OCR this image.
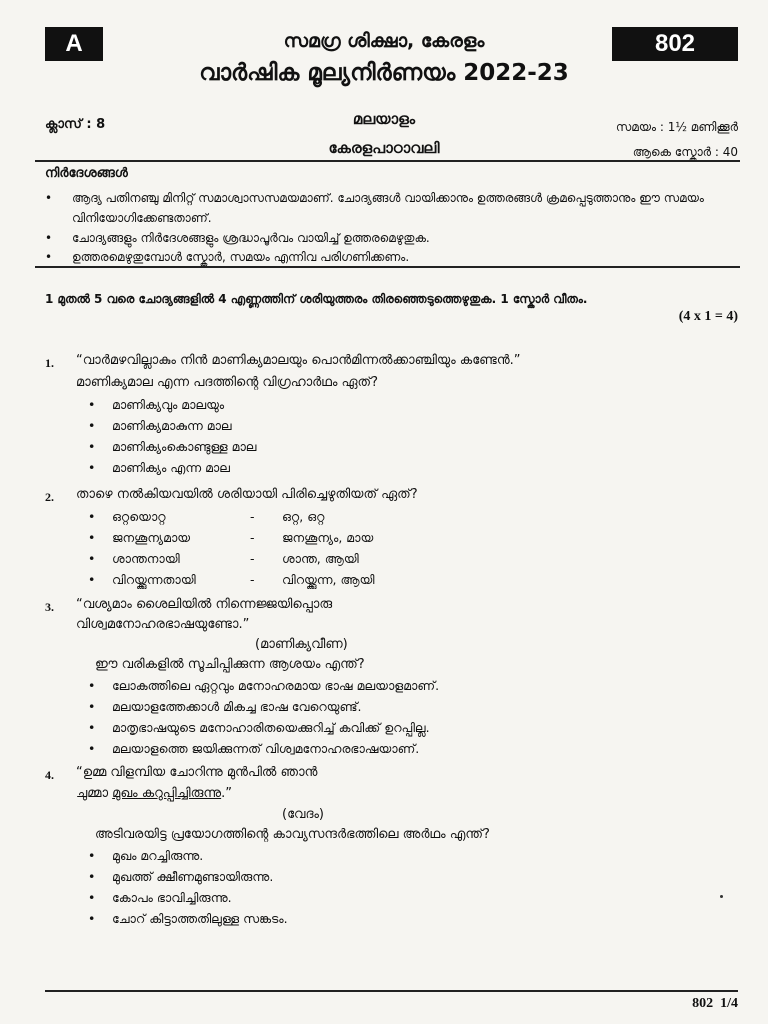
A	802
സമഗ്ര ശിക്ഷാ, കേരളം
വാർഷിക മൂല്യനിർണയം 2022-23
ക്ലാസ് : 8	മലയാളം
കേരളപാഠാവലി
സമയം : 1½ മണിക്കൂർ
ആകെ സ്കോർ : 40
നിർദേശങ്ങൾ
• ആദ്യ പതിനഞ്ചു മിനിറ്റ് സമാശ്വാസസമയമാണ്. ചോദ്യങ്ങൾ വായിക്കാനും ഉത്തരങ്ങൾ ക്രമപ്പെടുത്താനും ഈ സമയം വിനിയോഗിക്കേണ്ടതാണ്.
• ചോദ്യങ്ങളും നിർദേശങ്ങളും ശ്രദ്ധാപൂർവം വായിച്ച് ഉത്തരമെഴുതുക.
• ഉത്തരമെഴുതുമ്പോൾ സ്കോർ, സമയം എന്നിവ പരിഗണിക്കണം.
1 മുതൽ 5 വരെ ചോദ്യങ്ങളിൽ 4 എണ്ണത്തിന് ശരിയുത്തരം തിരഞ്ഞെടുത്തെഴുതുക. 1 സ്കോർ വീതം.
(4 x 1 = 4)
1. “വാർമഴവില്ലാകും നിൻ മാണിക്യമാലയും പൊൻമിന്നൽക്കാഞ്ചിയും കണ്ടേൻ.”
മാണിക്യമാല എന്ന പദത്തിന്റെ വിഗ്രഹാർഥം ഏത്?
• മാണിക്യവും മാലയും
• മാണിക്യമാകുന്ന മാല
• മാണിക്യംകൊണ്ടുള്ള മാല
• മാണിക്യം എന്ന മാല
2. താഴെ നൽകിയവയിൽ ശരിയായി പിരിച്ചെഴുതിയത് ഏത്?
• ഒറ്റയൊറ്റ	- ഒറ്റ, ഒറ്റ
• ജനശൂന്യമായ	- ജനശൂന്യം, മായ
• ശാന്തനായി	- ശാന്ത, ആയി
• വിറയ്ക്കുന്നതായി	- വിറയ്ക്കുന്ന, ആയി
3. “വശ്യമാം ശൈലിയിൽ നിന്നെജ്ജയിപ്പൊരു
വിശ്വമനോഹരഭാഷയുണ്ടോ.”
(മാണിക്യവീണ)
ഈ വരികളിൽ സൂചിപ്പിക്കുന്ന ആശയം എന്ത്?
• ലോകത്തിലെ ഏറ്റവും മനോഹരമായ ഭാഷ മലയാളമാണ്.
• മലയാളത്തേക്കാൾ മികച്ച ഭാഷ വേറെയുണ്ട്.
• മാതൃഭാഷയുടെ മനോഹാരിതയെക്കുറിച്ച് കവിക്ക് ഉറപ്പില്ല.
• മലയാളത്തെ ജയിക്കുന്നത് വിശ്വമനോഹരഭാഷയാണ്.
4. “ഉമ്മ വിളമ്പിയ ചോറിന്നു മുൻപിൽ ഞാൻ
ചുമ്മാ മുഖം കറുപ്പിച്ചിരുന്നു.”
(വേദം)
അടിവരയിട്ട പ്രയോഗത്തിന്റെ കാവ്യസന്ദർഭത്തിലെ അർഥം എന്ത്?
• മുഖം മറച്ചിരുന്നു.
• മുഖത്ത് ക്ഷീണമുണ്ടായിരുന്നു.
• കോപം ഭാവിച്ചിരുന്നു.
• ചോറ് കിട്ടാത്തതിലുള്ള സങ്കടം.
802 1/4
